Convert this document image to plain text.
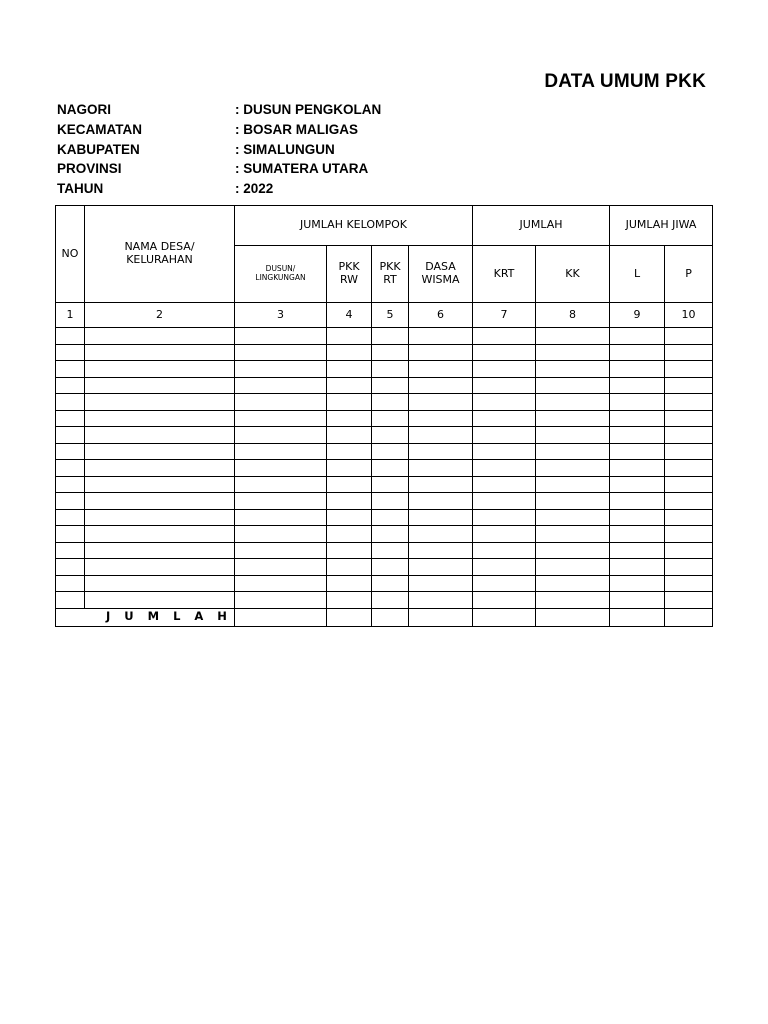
DATA UMUM PKK
NAGORI	: DUSUN PENGKOLAN
KECAMATAN	: BOSAR MALIGAS
KABUPATEN	: SIMALUNGUN
PROVINSI	: SUMATERA UTARA
TAHUN	: 2022
NO	NAMA DESA/ KELURAHAN	JUMLAH KELOMPOK				JUMLAH		JUMLAH JIWA	
		DUSUN/ LINGKUNGAN	PKK RW	PKK RT	DASA WISMA	KRT	KK	L	P
1	2	3	4	5	6	7	8	9	10

J U M L A H									
